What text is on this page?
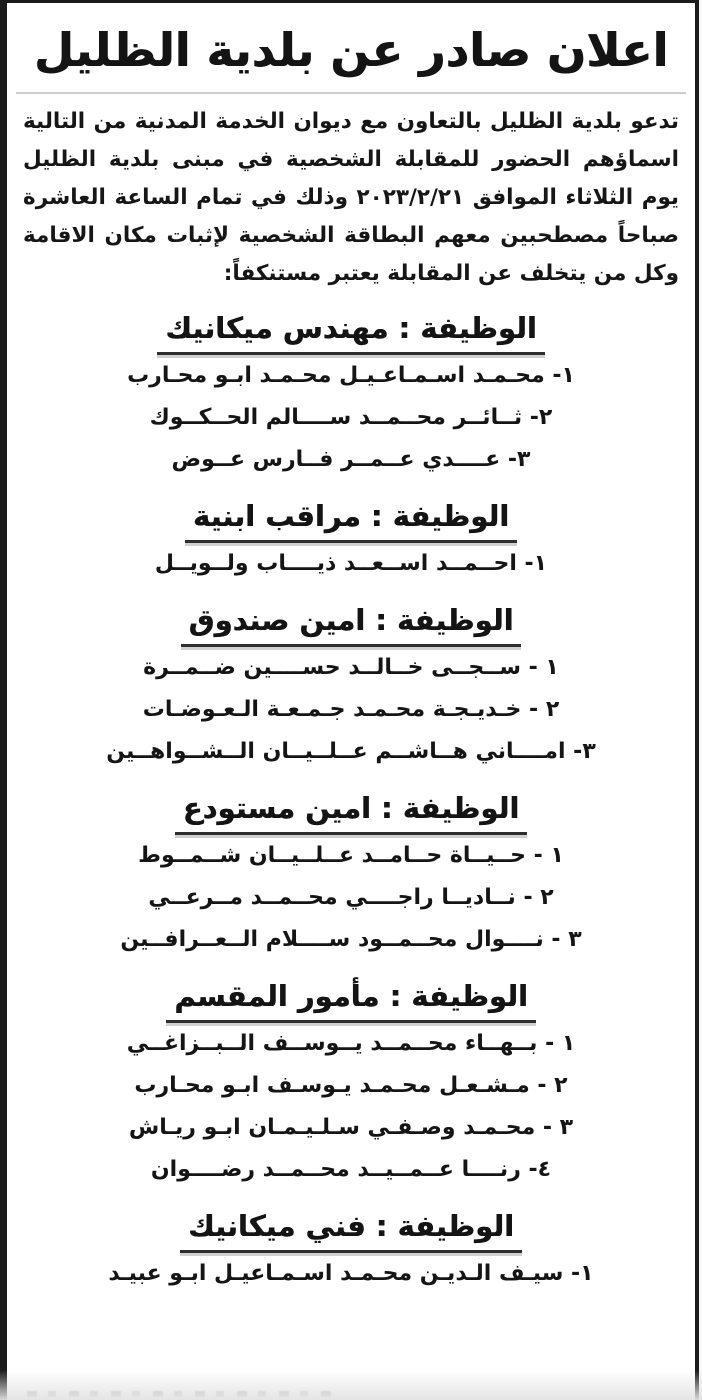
اعلان صادر عن بلدية الظليل

تدعو بلدية الظليل بالتعاون مع ديوان الخدمة المدنية من التالية اسماؤهم الحضور للمقابلة الشخصية في مبنى بلدية الظليل يوم الثلاثاء الموافق ٢٠٢٣/٢/٢١ وذلك في تمام الساعة العاشرة صباحاً مصطحبين معهم البطاقة الشخصية لإثبات مكان الاقامة وكل من يتخلف عن المقابلة يعتبر مستنكفاً:

الوظيفة : مهندس ميكانيك
١- محـمـد اسـمـاعـيـل محـمـد ابـو محـارب
٢- ثــائــر محــمــد ســــالم الحــكــوك
٣- عــــدي عــمــر فــارس عــوض
الوظيفة : مراقب ابنية
١- احــمــد اســعــد ذيــــاب ولــويــل
الوظيفة : امين صندوق
١ - ســجــى خــالــد حســــين ضــمــرة
٢ - خـديـجـة محـمـد جـمـعـة الـعـوضـات
٣- امــــاني هــاشــم عــلــيــان الــشــواهــين
الوظيفة : امين مستودع
١ - حــيــاة حــامــد عــلــيــان شــمــوط
٢ - نــاديــا راجــــي محــمــد مــرعــي
٣ - نــــوال محــمــود ســــلام الــعــرافــين
الوظيفة : مأمور المقسم
١ - بــهــاء محــمــد يــوســف الــبــزاغــي
٢ - مـشـعـل محـمـد يـوسـف ابـو محـارب
٣ - محـمـد وصـفـي سـلـيـمـان ابـو ريـاش
٤- رنــــا عــمــيــد محــمــد رضــــوان
الوظيفة : فني ميكانيك
١- سيـف الـديـن محـمـد اسـمـاعيـل ابـو عبيـد
